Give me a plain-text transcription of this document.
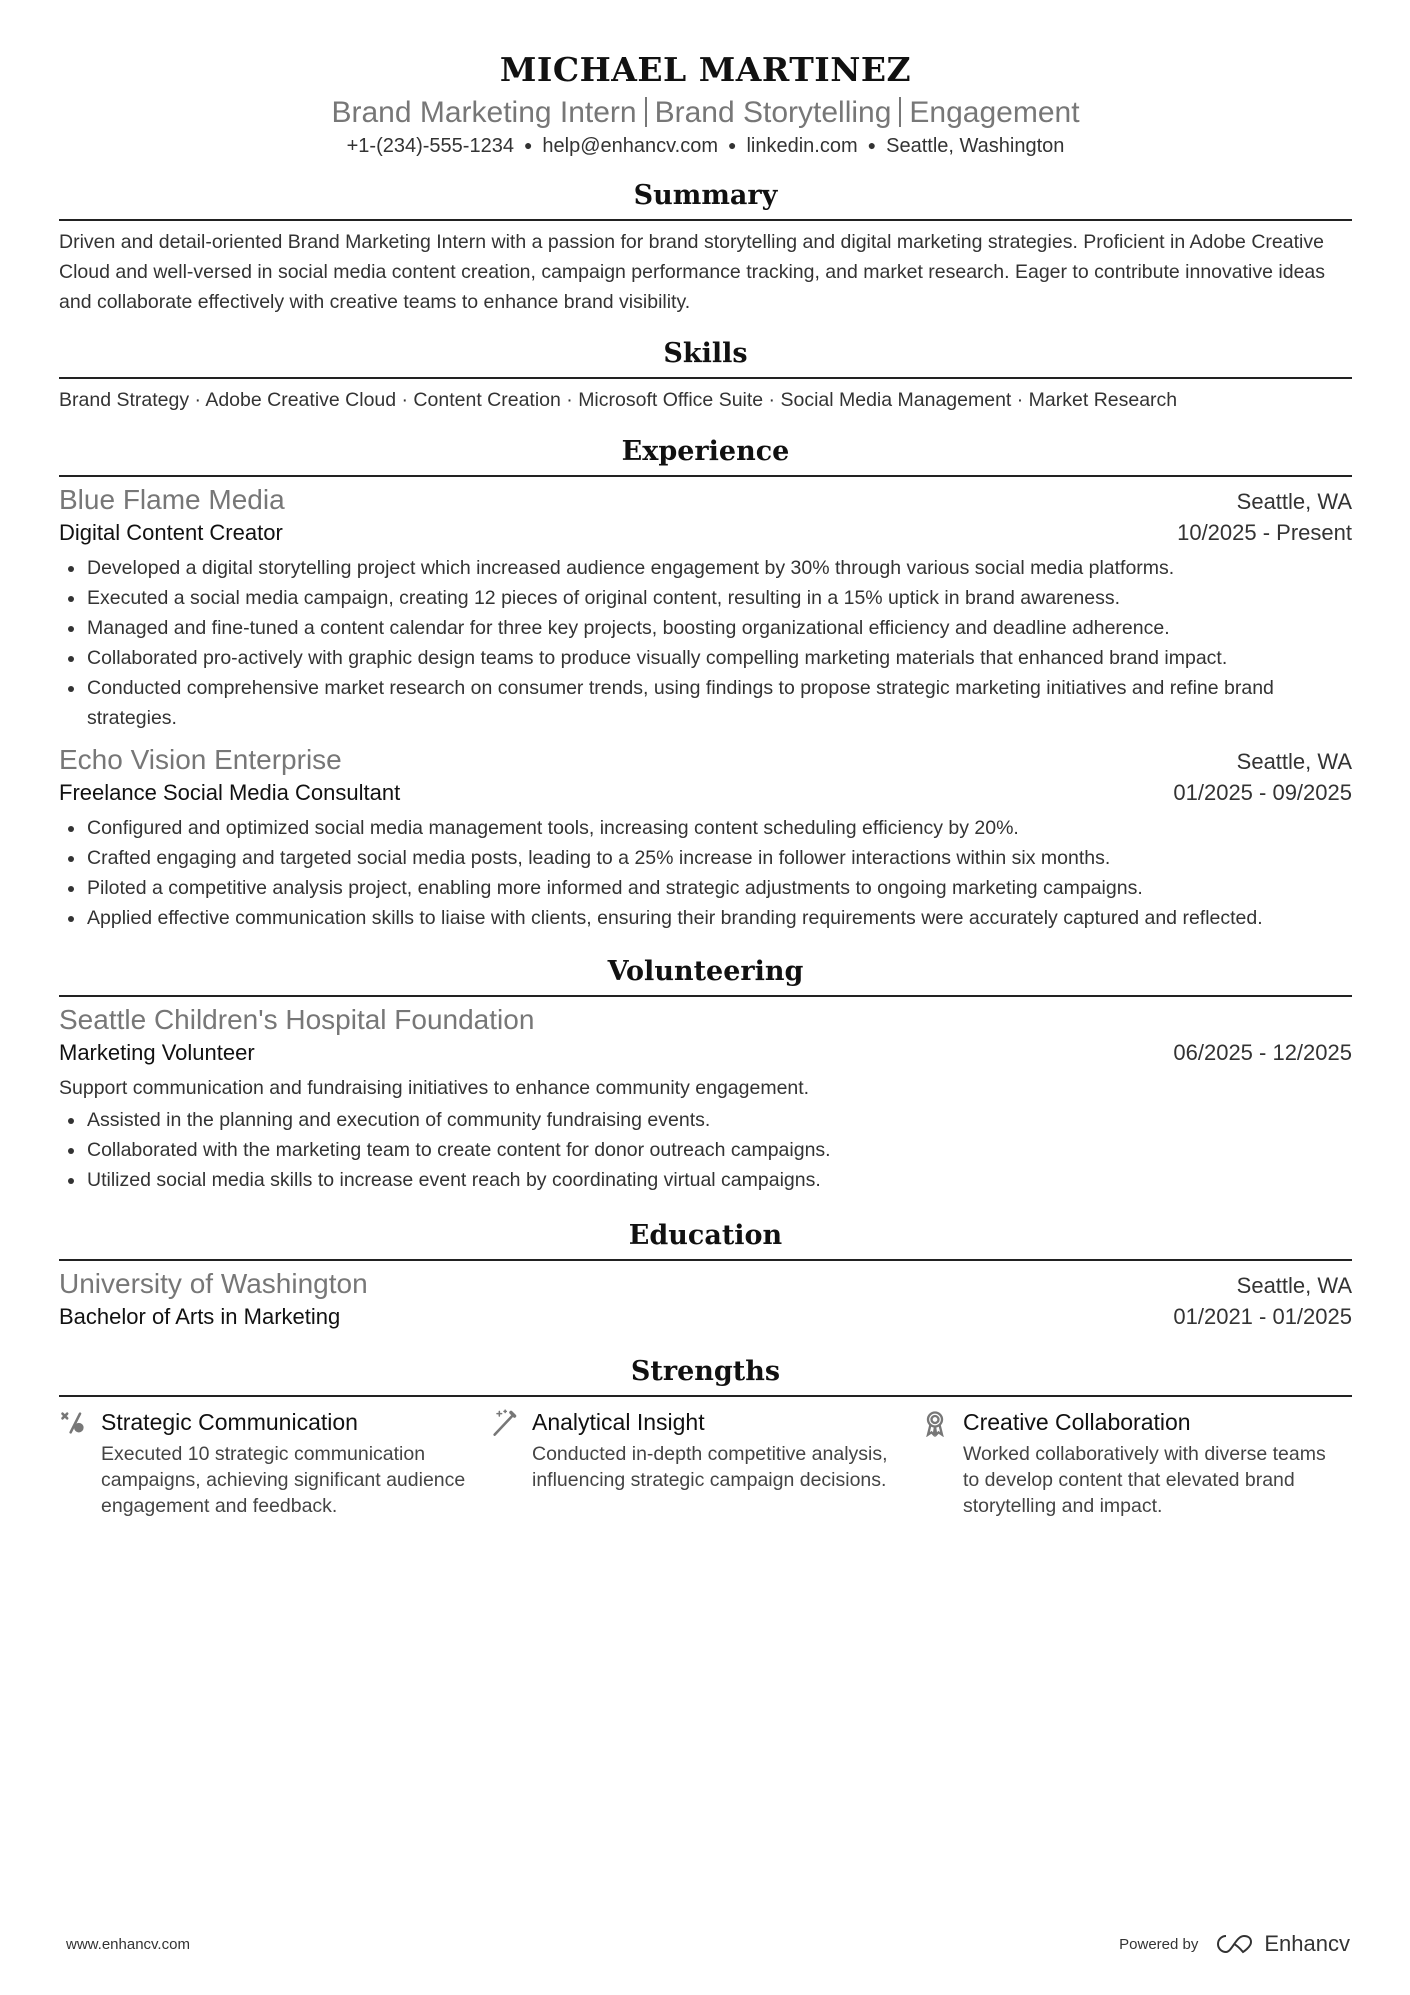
MICHAEL MARTINEZ
Brand Marketing Intern Brand Storytelling Engagement
+1-(234)-555-1234 ● help@enhancv.com ● linkedin.com ● Seattle, Washington
Summary
Driven and detail-oriented Brand Marketing Intern with a passion for brand storytelling and digital marketing strategies. Proficient in Adobe Creative Cloud and well-versed in social media content creation, campaign performance tracking, and market research. Eager to contribute innovative ideas and collaborate effectively with creative teams to enhance brand visibility.
Skills
Brand Strategy · Adobe Creative Cloud · Content Creation · Microsoft Office Suite · Social Media Management · Market Research
Experience
Blue Flame Media	Seattle, WA
Digital Content Creator	10/2025 - Present
Developed a digital storytelling project which increased audience engagement by 30% through various social media platforms.
Executed a social media campaign, creating 12 pieces of original content, resulting in a 15% uptick in brand awareness.
Managed and fine-tuned a content calendar for three key projects, boosting organizational efficiency and deadline adherence.
Collaborated pro-actively with graphic design teams to produce visually compelling marketing materials that enhanced brand impact.
Conducted comprehensive market research on consumer trends, using findings to propose strategic marketing initiatives and refine brand strategies.
Echo Vision Enterprise	Seattle, WA
Freelance Social Media Consultant	01/2025 - 09/2025
Configured and optimized social media management tools, increasing content scheduling efficiency by 20%.
Crafted engaging and targeted social media posts, leading to a 25% increase in follower interactions within six months.
Piloted a competitive analysis project, enabling more informed and strategic adjustments to ongoing marketing campaigns.
Applied effective communication skills to liaise with clients, ensuring their branding requirements were accurately captured and reflected.
Volunteering
Seattle Children's Hospital Foundation
Marketing Volunteer	06/2025 - 12/2025
Support communication and fundraising initiatives to enhance community engagement.
Assisted in the planning and execution of community fundraising events.
Collaborated with the marketing team to create content for donor outreach campaigns.
Utilized social media skills to increase event reach by coordinating virtual campaigns.
Education
University of Washington	Seattle, WA
Bachelor of Arts in Marketing	01/2021 - 01/2025
Strengths
Strategic Communication
Executed 10 strategic communication campaigns, achieving significant audience engagement and feedback.
Analytical Insight
Conducted in-depth competitive analysis, influencing strategic campaign decisions.
Creative Collaboration
Worked collaboratively with diverse teams to develop content that elevated brand storytelling and impact.
www.enhancv.com	Powered by	Enhancv
